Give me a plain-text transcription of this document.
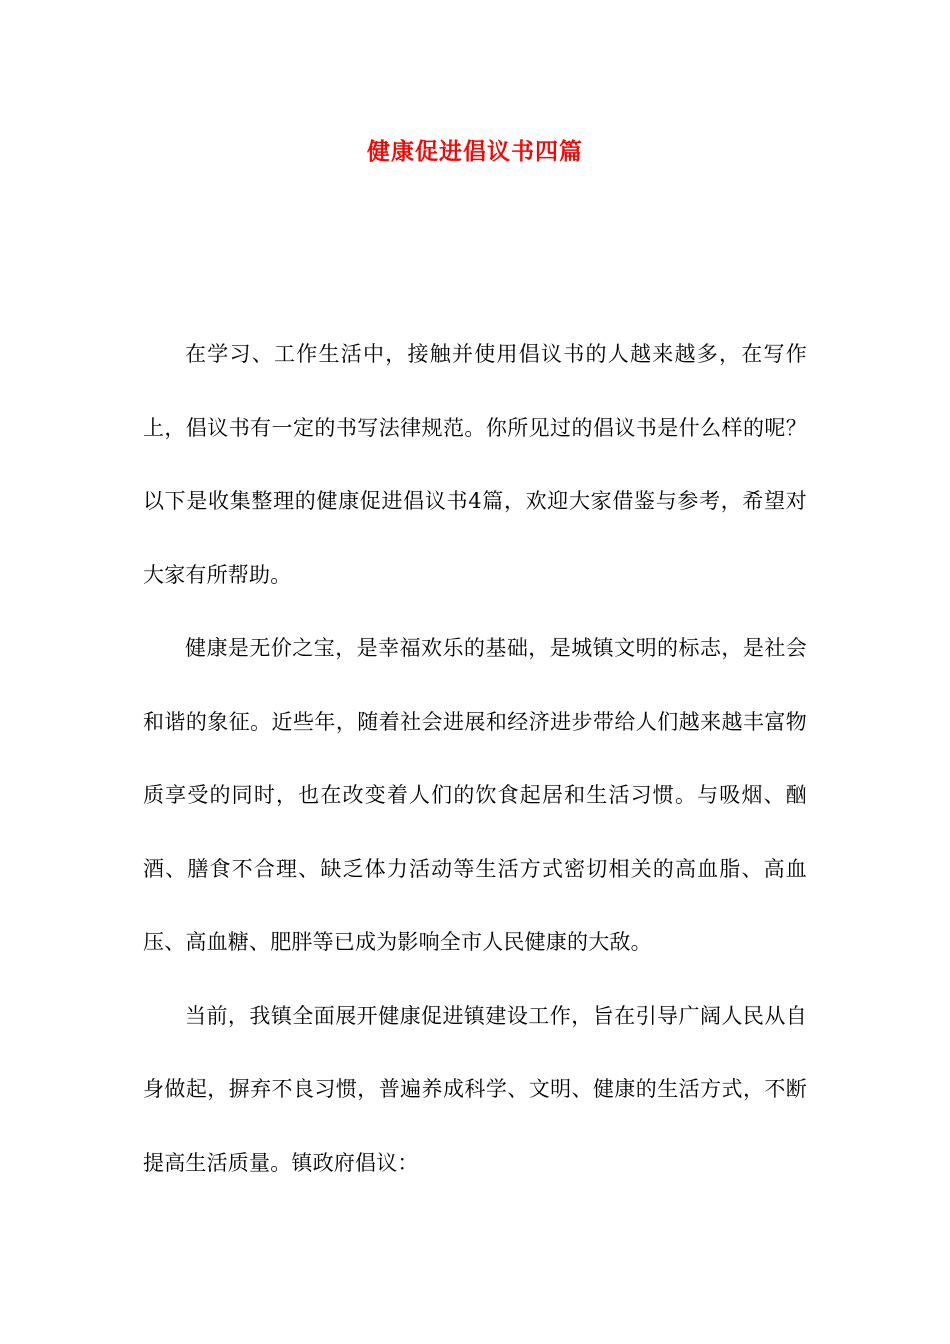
健康促进倡议书四篇

在学习、工作生活中，接触并使用倡议书的人越来越多，在写作上，倡议书有一定的书写法律规范。你所见过的倡议书是什么样的呢？以下是收集整理的健康促进倡议书4篇，欢迎大家借鉴与参考，希望对大家有所帮助。

健康是无价之宝，是幸福欢乐的基础，是城镇文明的标志，是社会和谐的象征。近些年，随着社会进展和经济进步带给人们越来越丰富物质享受的同时，也在改变着人们的饮食起居和生活习惯。与吸烟、酗酒、膳食不合理、缺乏体力活动等生活方式密切相关的高血脂、高血压、高血糖、肥胖等已成为影响全市人民健康的大敌。

当前，我镇全面展开健康促进镇建设工作，旨在引导广阔人民从自身做起，摒弃不良习惯，普遍养成科学、文明、健康的生活方式，不断提高生活质量。镇政府倡议：
